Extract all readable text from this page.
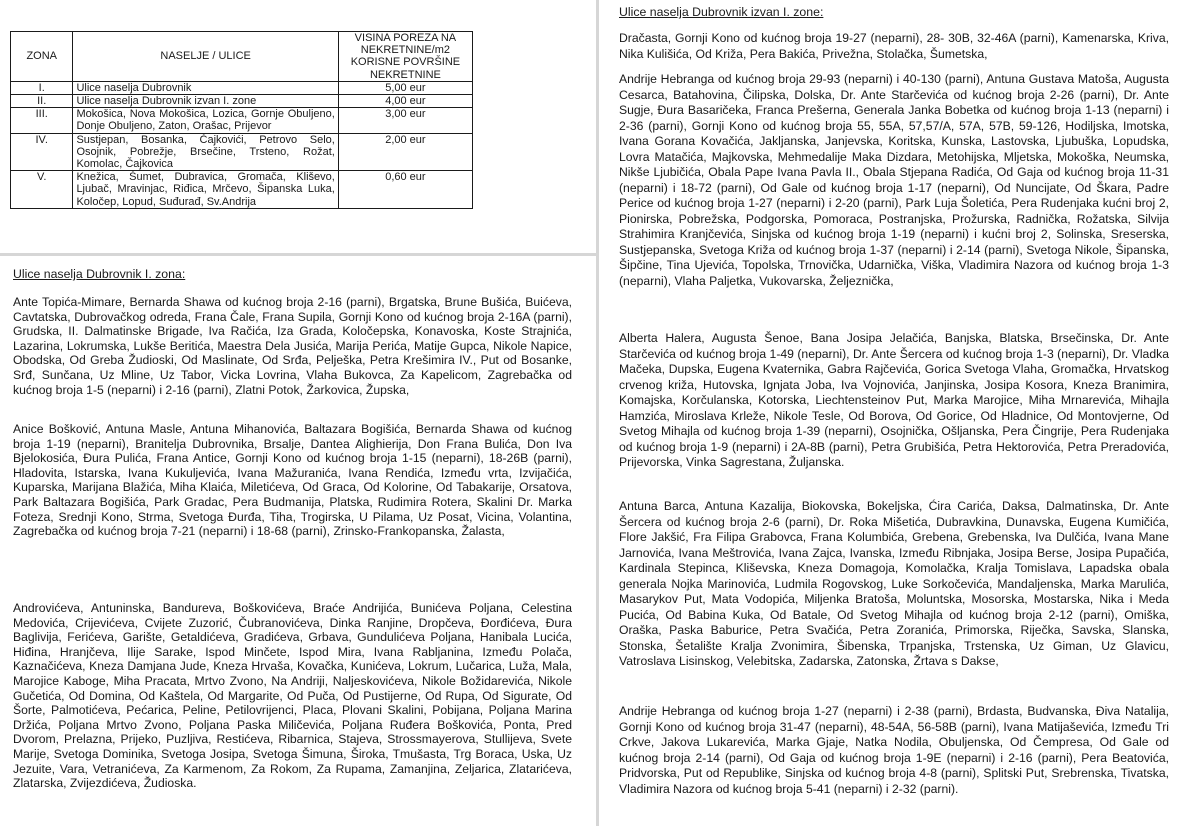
ZONA	NASELJE / ULICE	VISINA POREZA NA NEKRETNINE/m2 KORISNE POVRŠINE NEKRETNINE
I.	Ulice naselja Dubrovnik	5,00 eur
II.	Ulice naselja Dubrovnik izvan I. zone	4,00 eur
III.	Mokošica, Nova Mokošica, Lozica, Gornje Obuljeno, Donje Obuljeno, Zaton, Orašac, Prijevor	3,00 eur
IV.	Sustjepan, Bosanka, Čajkovići, Petrovo Selo, Osojnik, Pobrežje, Brsečine, Trsteno, Rožat, Komolac, Čajkovica	2,00 eur
V.	Knežica, Šumet, Dubravica, Gromača, Kliševo, Ljubač, Mravinjac, Riđica, Mrčevo, Šipanska Luka, Koločep, Lopud, Suđurađ, Sv.Andrija	0,60 eur

Ulice naselja Dubrovnik I. zona:

Ante Topića-Mimare, Bernarda Shawa od kućnog broja 2-16 (parni), Brgatska, Brune Bušića, Buićeva, Cavtatska, Dubrovačkog odreda, Frana Čale, Frana Supila, Gornji Kono od kućnog broja 2-16A (parni), Grudska, II. Dalmatinske Brigade, Iva Račića, Iza Grada, Koločepska, Konavoska, Koste Strajnića, Lazarina, Lokrumska, Lukše Beritića, Maestra Dela Jusića, Marija Perića, Matije Gupca, Nikole Napice, Obodska, Od Greba Žudioski, Od Maslinate, Od Srđa, Pelješka, Petra Krešimira IV., Put od Bosanke, Srđ, Sunčana, Uz Mline, Uz Tabor, Vicka Lovrina, Vlaha Bukovca, Za Kapelicom, Zagrebačka od kućnog broja 1-5 (neparni) i 2-16 (parni), Zlatni Potok, Žarkovica, Župska,

Anice Bošković, Antuna Masle, Antuna Mihanovića, Baltazara Bogišića, Bernarda Shawa od kućnog broja 1-19 (neparni), Branitelja Dubrovnika, Brsalje, Dantea Alighierija, Don Frana Bulića, Don Iva Bjelokosića, Đura Pulića, Frana Antice, Gornji Kono od kućnog broja 1-15 (neparni), 18-26B (parni), Hladovita, Istarska, Ivana Kukuljevića, Ivana Mažuranića, Ivana Rendića, Između vrta, Izvijačića, Kuparska, Marijana Blažića, Miha Klaića, Miletićeva, Od Graca, Od Kolorine, Od Tabakarije, Orsatova, Park Baltazara Bogišića, Park Gradac, Pera Budmanija, Platska, Rudimira Rotera, Skalini Dr. Marka Foteza, Srednji Kono, Strma, Svetoga Đurđa, Tiha, Trogirska, U Pilama, Uz Posat, Vicina, Volantina, Zagrebačka od kućnog broja 7-21 (neparni) i 18-68 (parni), Zrinsko-Frankopanska, Žalasta,

Androvićeva, Antuninska, Bandureva, Boškovićeva, Braće Andrijića, Bunićeva Poljana, Celestina Medovića, Crijevićeva, Cvijete Zuzorić, Čubranovićeva, Dinka Ranjine, Dropčeva, Đorđićeva, Đura Baglivija, Ferićeva, Garište, Getaldićeva, Gradićeva, Grbava, Gundulićeva Poljana, Hanibala Lucića, Hiđina, Hranjčeva, Ilije Sarake, Ispod Minčete, Ispod Mira, Ivana Rabljanina, Između Polača, Kaznačićeva, Kneza Damjana Jude, Kneza Hrvaša, Kovačka, Kunićeva, Lokrum, Lučarica, Luža, Mala, Marojice Kaboge, Miha Pracata, Mrtvo Zvono, Na Andriji, Naljeskovićeva, Nikole Božidarevića, Nikole Gučetića, Od Domina, Od Kaštela, Od Margarite, Od Puča, Od Pustijerne, Od Rupa, Od Sigurate, Od Šorte, Palmotićeva, Pećarica, Peline, Petilovrijenci, Placa, Plovani Skalini, Pobijana, Poljana Marina Držića, Poljana Mrtvo Zvono, Poljana Paska Miličevića, Poljana Ruđera Boškovića, Ponta, Pred Dvorom, Prelazna, Prijeko, Puzljiva, Restićeva, Ribarnica, Stajeva, Strossmayerova, Stullijeva, Svete Marije, Svetoga Dominika, Svetoga Josipa, Svetoga Šimuna, Široka, Tmušasta, Trg Boraca, Uska, Uz Jezuite, Vara, Vetranićeva, Za Karmenom, Za Rokom, Za Rupama, Zamanjina, Zeljarica, Zlatarićeva, Zlatarska, Zvijezdićeva, Žudioska.

Ulice naselja Dubrovnik izvan I. zone:

Dračasta, Gornji Kono od kućnog broja 19-27 (neparni), 28- 30B, 32-46A (parni), Kamenarska, Kriva, Nika Kulišića, Od Križa, Pera Bakića, Privežna, Stolačka, Šumetska,

Andrije Hebranga od kućnog broja 29-93 (neparni) i 40-130 (parni), Antuna Gustava Matoša, Augusta Cesarca, Batahovina, Čilipska, Dolska, Dr. Ante Starčevića od kućnog broja 2-26 (parni), Dr. Ante Sugje, Đura Basaričeka, Franca Prešerna, Generala Janka Bobetka od kućnog broja 1-13 (neparni) i 2-36 (parni), Gornji Kono od kućnog broja 55, 55A, 57,57/A, 57A, 57B, 59-126, Hodiljska, Imotska, Ivana Gorana Kovačića, Jakljanska, Janjevska, Koritska, Kunska, Lastovska, Ljubuška, Lopudska, Lovra Matačića, Majkovska, Mehmedalije Maka Dizdara, Metohijska, Mljetska, Mokoška, Neumska, Nikše Ljubičića, Obala Pape Ivana Pavla II., Obala Stjepana Radića, Od Gaja od kućnog broja 11-31 (neparni) i 18-72 (parni), Od Gale od kućnog broja 1-17 (neparni), Od Nuncijate, Od Škara, Padre Perice od kućnog broja 1-27 (neparni) i 2-20 (parni), Park Luja Šoletića, Pera Rudenjaka kućni broj 2, Pionirska, Pobrežska, Podgorska, Pomoraca, Postranjska, Prožurska, Radnička, Rožatska, Silvija Strahimira Kranjčevića, Sinjska od kućnog broja 1-19 (neparni) i kućni broj 2, Solinska, Sreserska, Sustjepanska, Svetoga Križa od kućnog broja 1-37 (neparni) i 2-14 (parni), Svetoga Nikole, Šipanska, Šipčine, Tina Ujevića, Topolska, Trnovička, Udarnička, Viška, Vladimira Nazora od kućnog broja 1-3 (neparni), Vlaha Paljetka, Vukovarska, Željeznička,

Alberta Halera, Augusta Šenoe, Bana Josipa Jelačića, Banjska, Blatska, Brsečinska, Dr. Ante Starčevića od kućnog broja 1-49 (neparni), Dr. Ante Šercera od kućnog broja 1-3 (neparni), Dr. Vladka Mačeka, Dupska, Eugena Kvaternika, Gabra Rajčevića, Gorica Svetoga Vlaha, Gromačka, Hrvatskog crvenog križa, Hutovska, Ignjata Joba, Iva Vojnovića, Janjinska, Josipa Kosora, Kneza Branimira, Komajska, Korčulanska, Kotorska, Liechtensteinov Put, Marka Marojice, Miha Mrnarevića, Mihajla Hamzića, Miroslava Krleže, Nikole Tesle, Od Borova, Od Gorice, Od Hladnice, Od Montovjerne, Od Svetog Mihajla od kućnog broja 1-39 (neparni), Osojnička, Ošljanska, Pera Čingrije, Pera Rudenjaka od kućnog broja 1-9 (neparni) i 2A-8B (parni), Petra Grubišića, Petra Hektorovića, Petra Preradovića, Prijevorska, Vinka Sagrestana, Žuljanska.

Antuna Barca, Antuna Kazalija, Biokovska, Bokeljska, Ćira Carića, Daksa, Dalmatinska, Dr. Ante Šercera od kućnog broja 2-6 (parni), Dr. Roka Mišetića, Dubravkina, Dunavska, Eugena Kumičića, Flore Jakšić, Fra Filipa Grabovca, Frana Kolumbića, Grebena, Grebenska, Iva Dulčića, Ivana Mane Jarnovića, Ivana Meštrovića, Ivana Zajca, Ivanska, Između Ribnjaka, Josipa Berse, Josipa Pupačića, Kardinala Stepinca, Kliševska, Kneza Domagoja, Komolačka, Kralja Tomislava, Lapadska obala generala Nojka Marinovića, Ludmila Rogovskog, Luke Sorkočevića, Mandaljenska, Marka Marulića, Masarykov Put, Mata Vodopića, Miljenka Bratoša, Moluntska, Mosorska, Mostarska, Nika i Meda Pucića, Od Babina Kuka, Od Batale, Od Svetog Mihajla od kućnog broja 2-12 (parni), Omiška, Oraška, Paska Baburice, Petra Svačića, Petra Zoranića, Primorska, Riječka, Savska, Slanska, Stonska, Šetalište Kralja Zvonimira, Šibenska, Trpanjska, Trstenska, Uz Giman, Uz Glavicu, Vatroslava Lisinskog, Velebitska, Zadarska, Zatonska, Žrtava s Dakse,

Andrije Hebranga od kućnog broja 1-27 (neparni) i 2-38 (parni), Brdasta, Budvanska, Điva Natalija, Gornji Kono od kućnog broja 31-47 (neparni), 48-54A, 56-58B (parni), Ivana Matijaševića, Između Tri Crkve, Jakova Lukarevića, Marka Gjaje, Natka Nodila, Obuljenska, Od Čempresa, Od Gale od kućnog broja 2-14 (parni), Od Gaja od kućnog broja 1-9E (neparni) i 2-16 (parni), Pera Beatovića, Pridvorska, Put od Republike, Sinjska od kućnog broja 4-8 (parni), Splitski Put, Srebrenska, Tivatska, Vladimira Nazora od kućnog broja 5-41 (neparni) i 2-32 (parni).
